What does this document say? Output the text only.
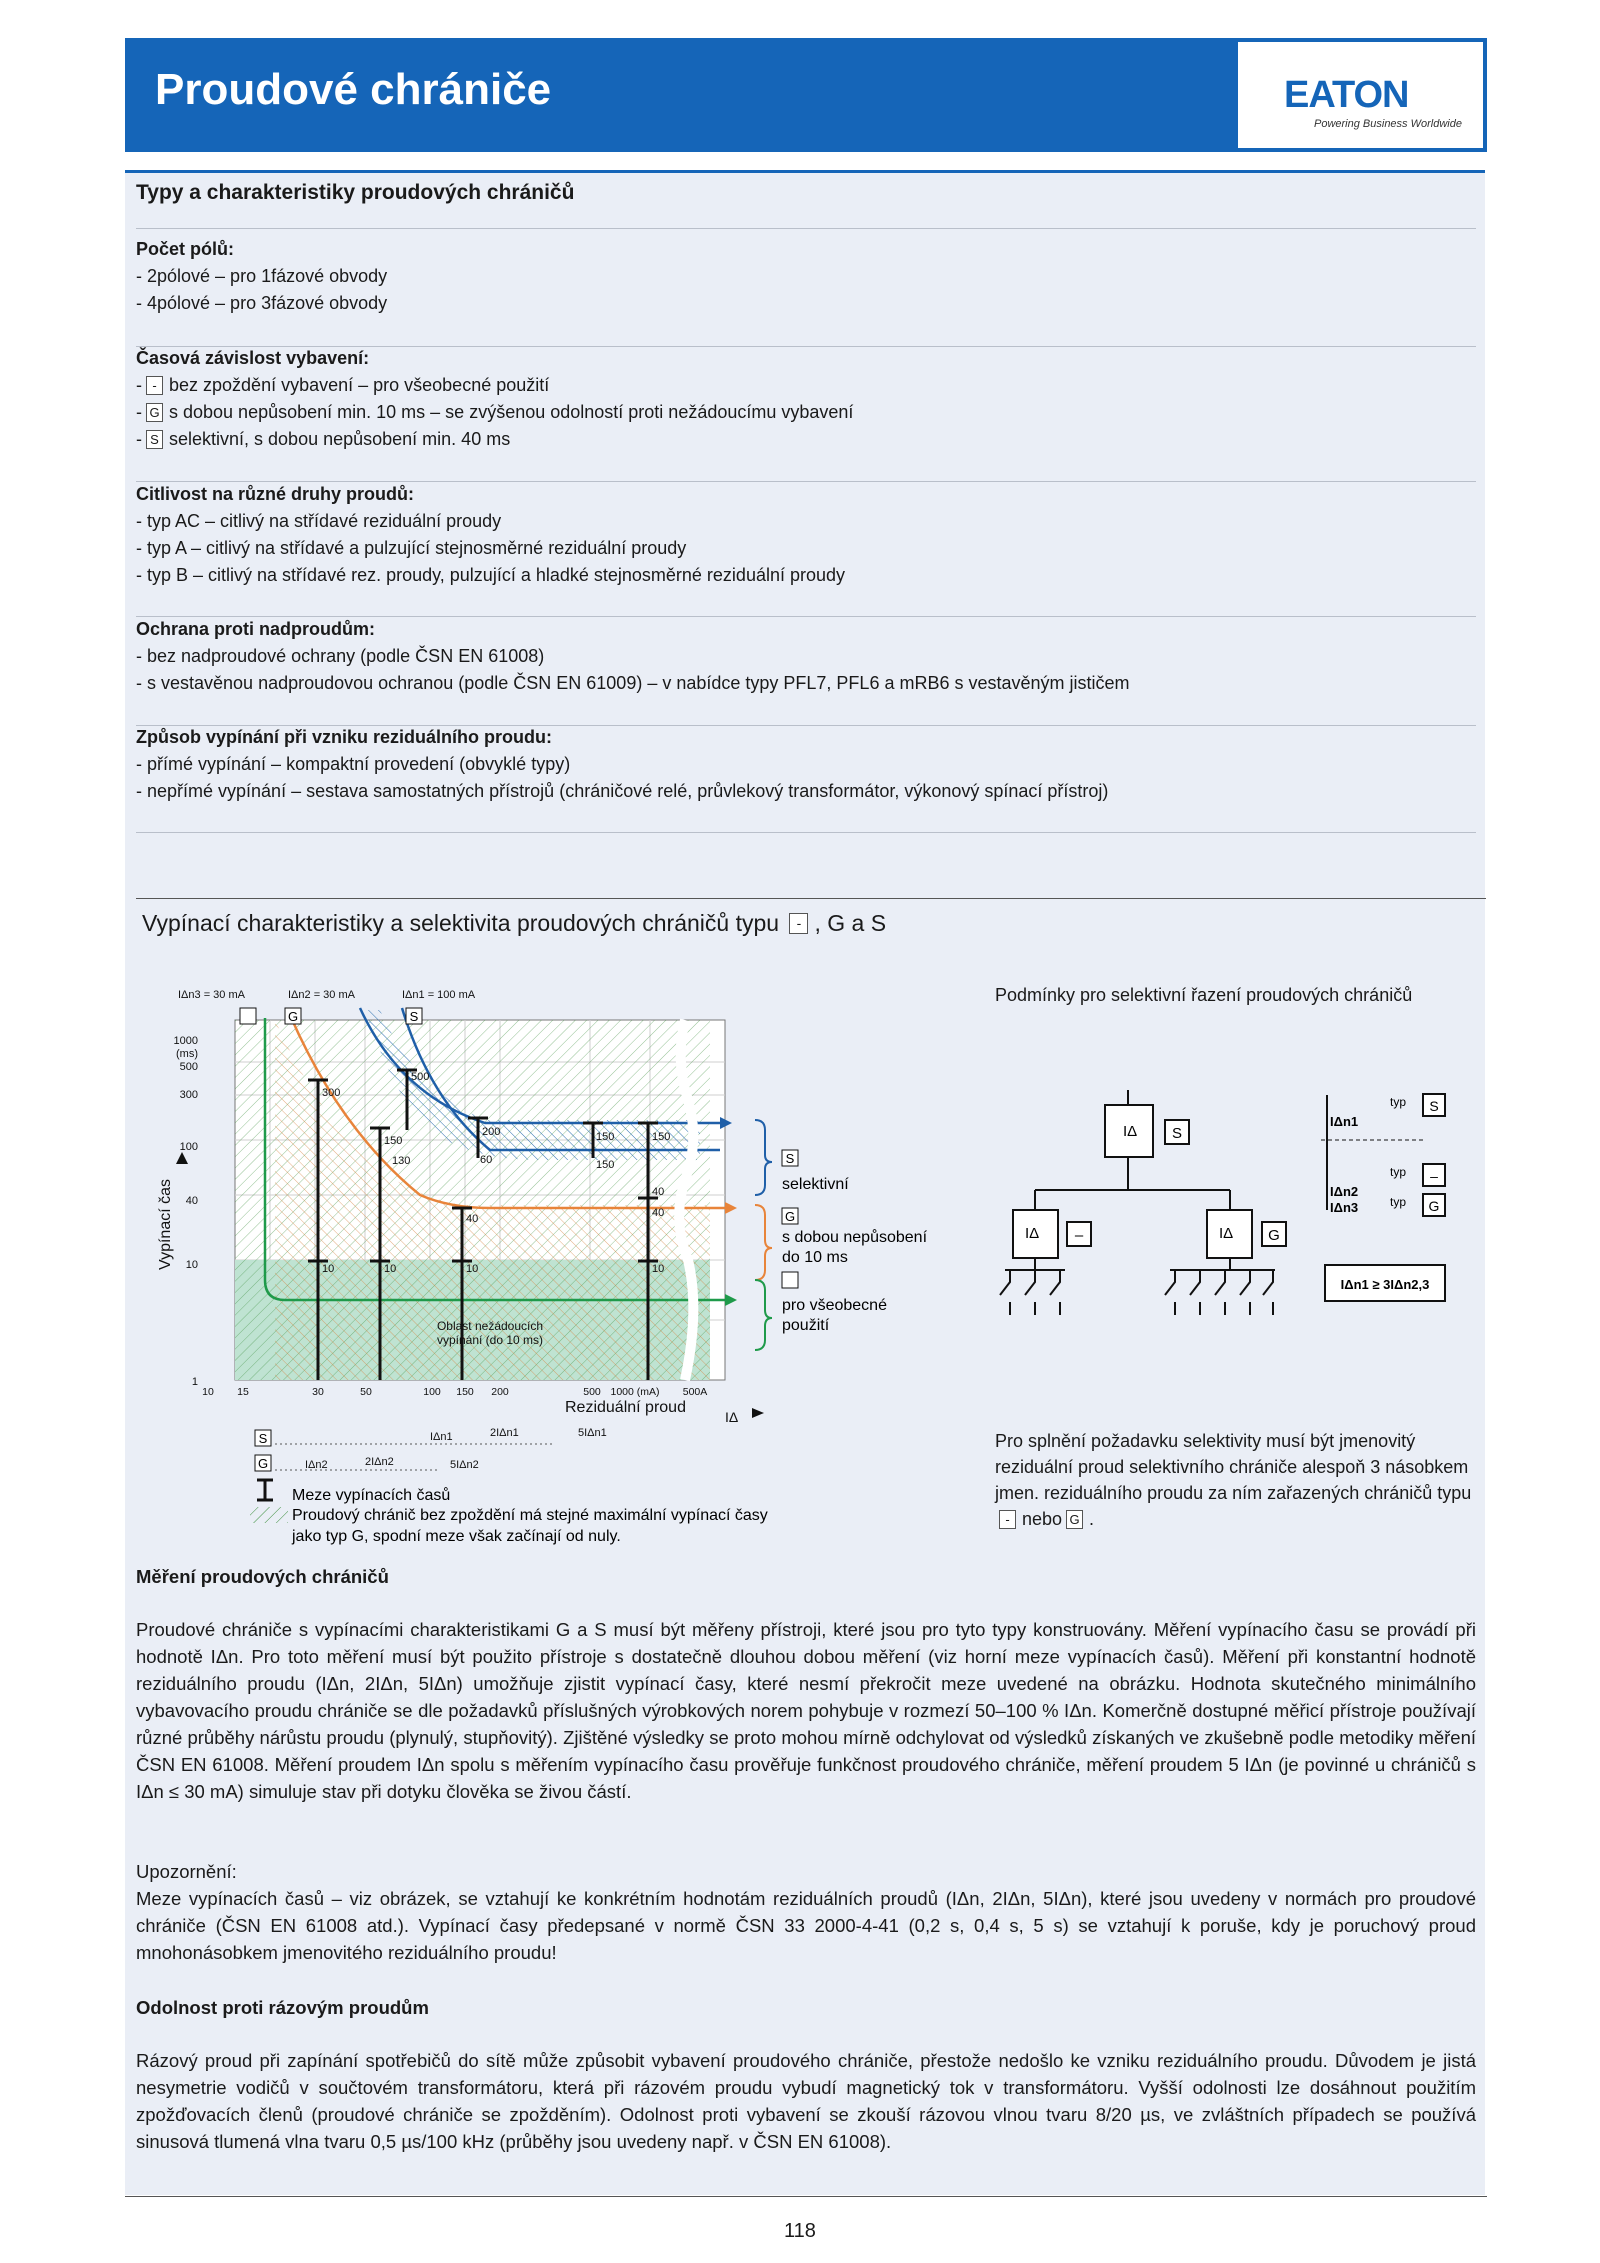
Proudové chrániče	EATON
Powering Business Worldwide
Typy a charakteristiky proudových chráničů
Počet pólů:
- 2pólové – pro 1fázové obvody
- 4pólové – pro 3fázové obvody
Časová závislost vybavení:
- - bez zpoždění vybavení – pro všeobecné použití
- G s dobou nepůsobení min. 10 ms – se zvýšenou odolností proti nežádoucímu vybavení
- S selektivní, s dobou nepůsobení min. 40 ms
Citlivost na různé druhy proudů:
- typ AC – citlivý na střídavé reziduální proudy
- typ A – citlivý na střídavé a pulzující stejnosměrné reziduální proudy
- typ B – citlivý na střídavé rez. proudy, pulzující a hladké stejnosměrné reziduální proudy
Ochrana proti nadproudům:
- bez nadproudové ochrany (podle ČSN EN 61008)
- s vestavěnou nadproudovou ochranou (podle ČSN EN 61009) – v nabídce typy PFL7, PFL6 a mRB6 s vestavěným jističem
Způsob vypínání při vzniku reziduálního proudu:
- přímé vypínání – kompaktní provedení (obvyklé typy)
- nepřímé vypínání – sestava samostatných přístrojů (chráničové relé, průvlekový transformátor, výkonový spínací přístroj)
Vypínací charakteristiky a selektivita proudových chráničů typu - , G a S
300
150
130
500
200
60
40
10	10	10
150
150
150
40
40
10
1000
(ms)
500
300
100
40
10
1
Vypínací čas
10 15	30	50	100 150 200	500 1000 (mA) 500A
Reziduální proud
IΔ
Oblast nežádoucích vypínání (do 10 ms)
IΔn3 = 30 mA	IΔn2 = 30 mA	IΔn1 = 100 mA
G	S
S
selektivní
G
s dobou nepůsobení do 10 ms
pro všeobecné použití
S	IΔn1	2IΔn1	5IΔn1
G	IΔn2	2IΔn2	5IΔn2
Meze vypínacích časů
Proudový chránič bez zpoždění má stejné maximální vypínací časy jako typ G, spodní meze však začínají od nuly.
Podmínky pro selektivní řazení proudových chráničů
S
IΔ
–
IΔ	G
IΔ
IΔn1
typ S
IΔn2
IΔn3
typ –
typ G
IΔn1 ≥ 3IΔn2,3
Pro splnění požadavku selektivity musí být jmenovitý reziduální proud selektivního chrániče alespoň 3 násobkem jmen. reziduálního proudu za ním zařazených chráničů typu - nebo G .
Měření proudových chráničů
Proudové chrániče s vypínacími charakteristikami G a S musí být měřeny přístroji, které jsou pro tyto typy konstruovány. Měření vypínacího času se provádí při hodnotě IΔn. Pro toto měření musí být použito přístroje s dostatečně dlouhou dobou měření (viz horní meze vypínacích časů). Měření při konstantní hodnotě reziduálního proudu (IΔn, 2IΔn, 5IΔn) umožňuje zjistit vypínací časy, které nesmí překročit meze uvedené na obrázku. Hodnota skutečného minimálního vybavovacího proudu chrániče se dle požadavků příslušných výrobkových norem pohybuje v rozmezí 50–100 % IΔn. Komerčně dostupné měřicí přístroje používají různé průběhy nárůstu proudu (plynulý, stupňovitý). Zjištěné výsledky se proto mohou mírně odchylovat od výsledků získaných ve zkušebně podle metodiky měření ČSN EN 61008. Měření proudem IΔn spolu s měřením vypínacího času prověřuje funkčnost proudového chrániče, měření proudem 5 IΔn (je povinné u chráničů s IΔn ≤ 30 mA) simuluje stav při dotyku člověka se živou částí.
Upozornění:
Meze vypínacích časů – viz obrázek, se vztahují ke konkrétním hodnotám reziduálních proudů (IΔn, 2IΔn, 5IΔn), které jsou uvedeny v normách pro proudové chrániče (ČSN EN 61008 atd.). Vypínací časy předepsané v normě ČSN 33 2000-4-41 (0,2 s, 0,4 s, 5 s) se vztahují k poruše, kdy je poruchový proud mnohonásobkem jmenovitého reziduálního proudu!
Odolnost proti rázovým proudům
Rázový proud při zapínání spotřebičů do sítě může způsobit vybavení proudového chrániče, přestože nedošlo ke vzniku reziduálního proudu. Důvodem je jistá nesymetrie vodičů v součtovém transformátoru, která při rázovém proudu vybudí magnetický tok v transformátoru. Vyšší odolnosti lze dosáhnout použitím zpožďovacích členů (proudové chrániče se zpožděním). Odolnost proti vybavení se zkouší rázovou vlnou tvaru 8/20 µs, ve zvláštních případech se používá sinusová tlumená vlna tvaru 0,5 µs/100 kHz (průběhy jsou uvedeny např. v ČSN EN 61008).
118
